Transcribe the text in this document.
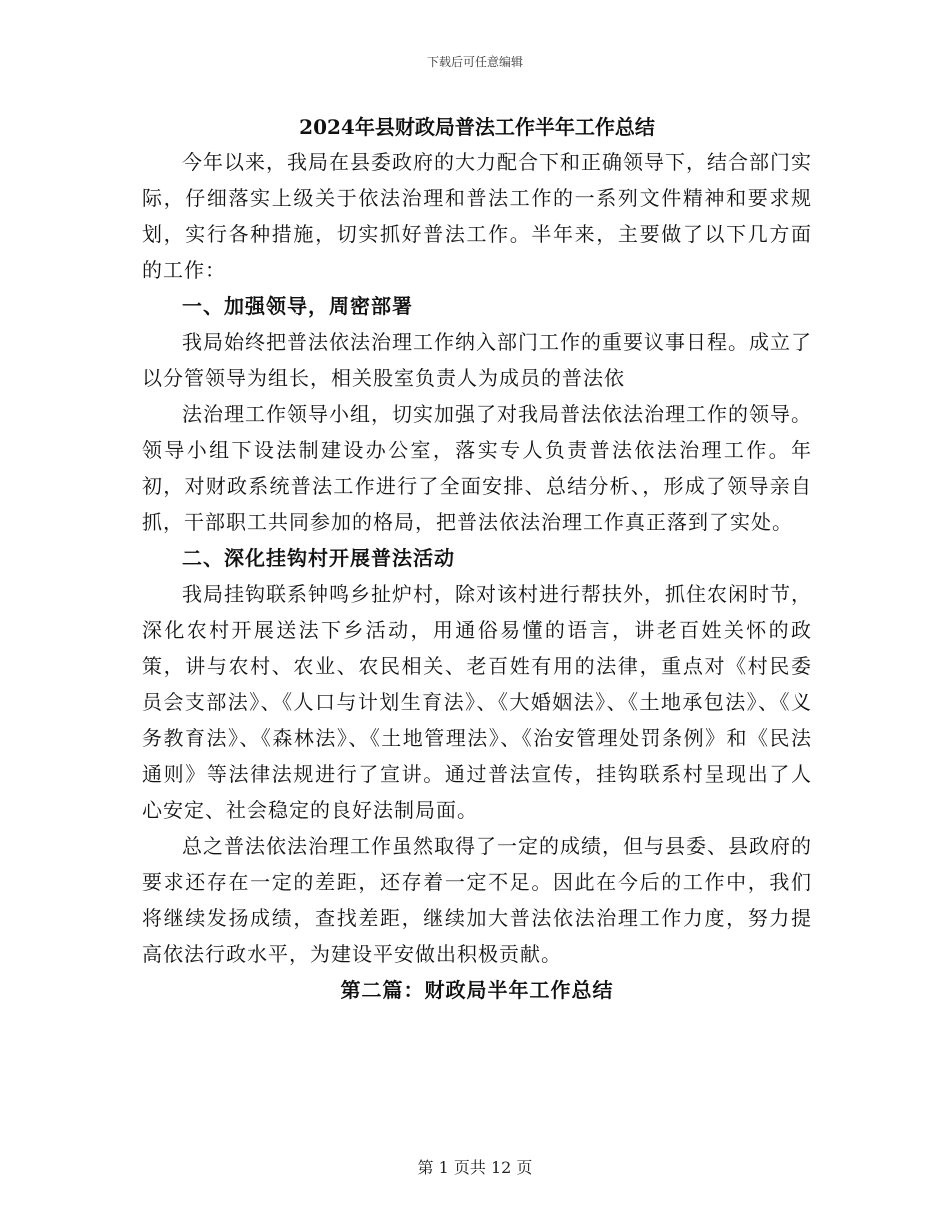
下载后可任意编辑
2024年县财政局普法工作半年工作总结

今年以来，我局在县委政府的大力配合下和正确领导下，结合部门实际，仔细落实上级关于依法治理和普法工作的一系列文件精神和要求规划，实行各种措施，切实抓好普法工作。半年来，主要做了以下几方面的工作：

一、加强领导，周密部署

我局始终把普法依法治理工作纳入部门工作的重要议事日程。成立了以分管领导为组长，相关股室负责人为成员的普法依

法治理工作领导小组，切实加强了对我局普法依法治理工作的领导。领导小组下设法制建设办公室，落实专人负责普法依法治理工作。年初，对财政系统普法工作进行了全面安排、总结分析、，形成了领导亲自抓，干部职工共同参加的格局，把普法依法治理工作真正落到了实处。

二、深化挂钩村开展普法活动

我局挂钩联系钟鸣乡扯炉村，除对该村进行帮扶外，抓住农闲时节，深化农村开展送法下乡活动，用通俗易懂的语言，讲老百姓关怀的政策，讲与农村、农业、农民相关、老百姓有用的法律，重点对《村民委员会支部法》、《人口与计划生育法》、《大婚姻法》、《土地承包法》、《义务教育法》、《森林法》、《土地管理法》、《治安管理处罚条例》和《民法通则》等法律法规进行了宣讲。通过普法宣传，挂钩联系村呈现出了人心安定、社会稳定的良好法制局面。

总之普法依法治理工作虽然取得了一定的成绩，但与县委、县政府的要求还存在一定的差距，还存着一定不足。因此在今后的工作中，我们将继续发扬成绩，查找差距，继续加大普法依法治理工作力度，努力提高依法行政水平，为建设平安做出积极贡献。

第二篇：财政局半年工作总结

第 1 页共 12 页
